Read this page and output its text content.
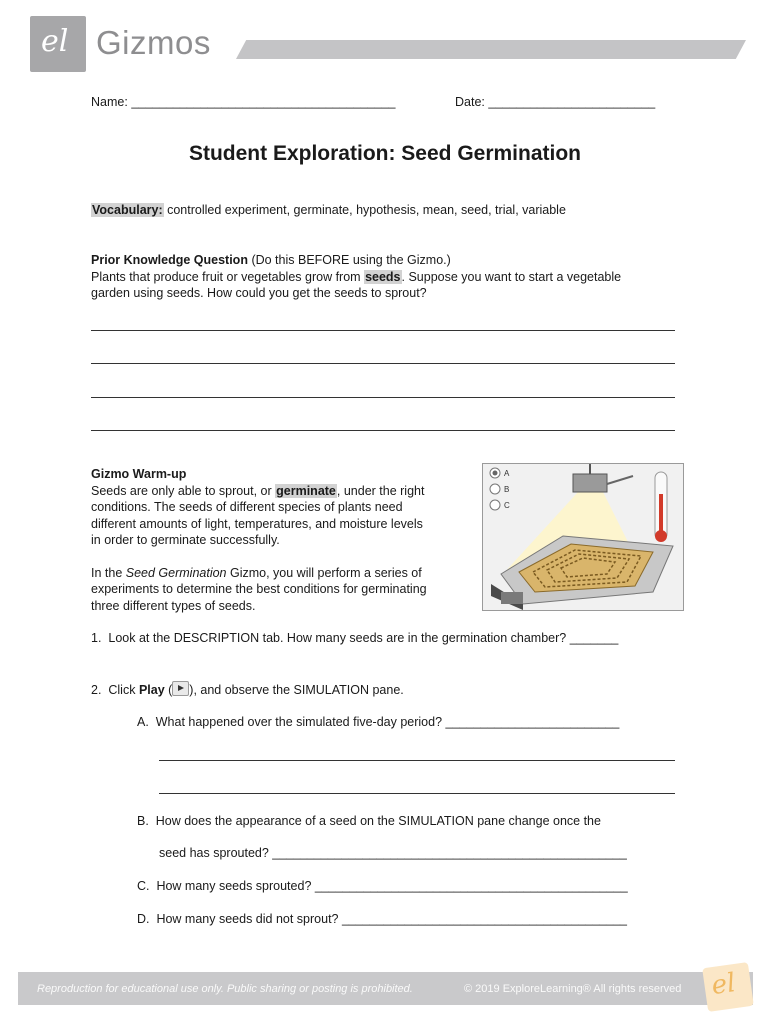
el Gizmos
Name: ______________________________________	Date: ________________________
Student Exploration: Seed Germination
Vocabulary: controlled experiment, germinate, hypothesis, mean, seed, trial, variable
Prior Knowledge Question (Do this BEFORE using the Gizmo.)
Plants that produce fruit or vegetables grow from seeds. Suppose you want to start a vegetable
garden using seeds. How could you get the seeds to sprout?
Gizmo Warm-up
Seeds are only able to sprout, or germinate, under the right
conditions. The seeds of different species of plants need
different amounts of light, temperatures, and moisture levels
in order to germinate successfully.
In the Seed Germination Gizmo, you will perform a series of
experiments to determine the best conditions for germinating
three different types of seeds.
A
B
C
1.  Look at the DESCRIPTION tab. How many seeds are in the germination chamber? _______
2.  Click Play ( ), and observe the SIMULATION pane.
A.  What happened over the simulated five-day period? _________________________
B.  How does the appearance of a seed on the SIMULATION pane change once the
seed has sprouted? ___________________________________________________
C.  How many seeds sprouted? _____________________________________________
D.  How many seeds did not sprout? _________________________________________
Reproduction for educational use only. Public sharing or posting is prohibited.	© 2019 ExploreLearning® All rights reserved el
